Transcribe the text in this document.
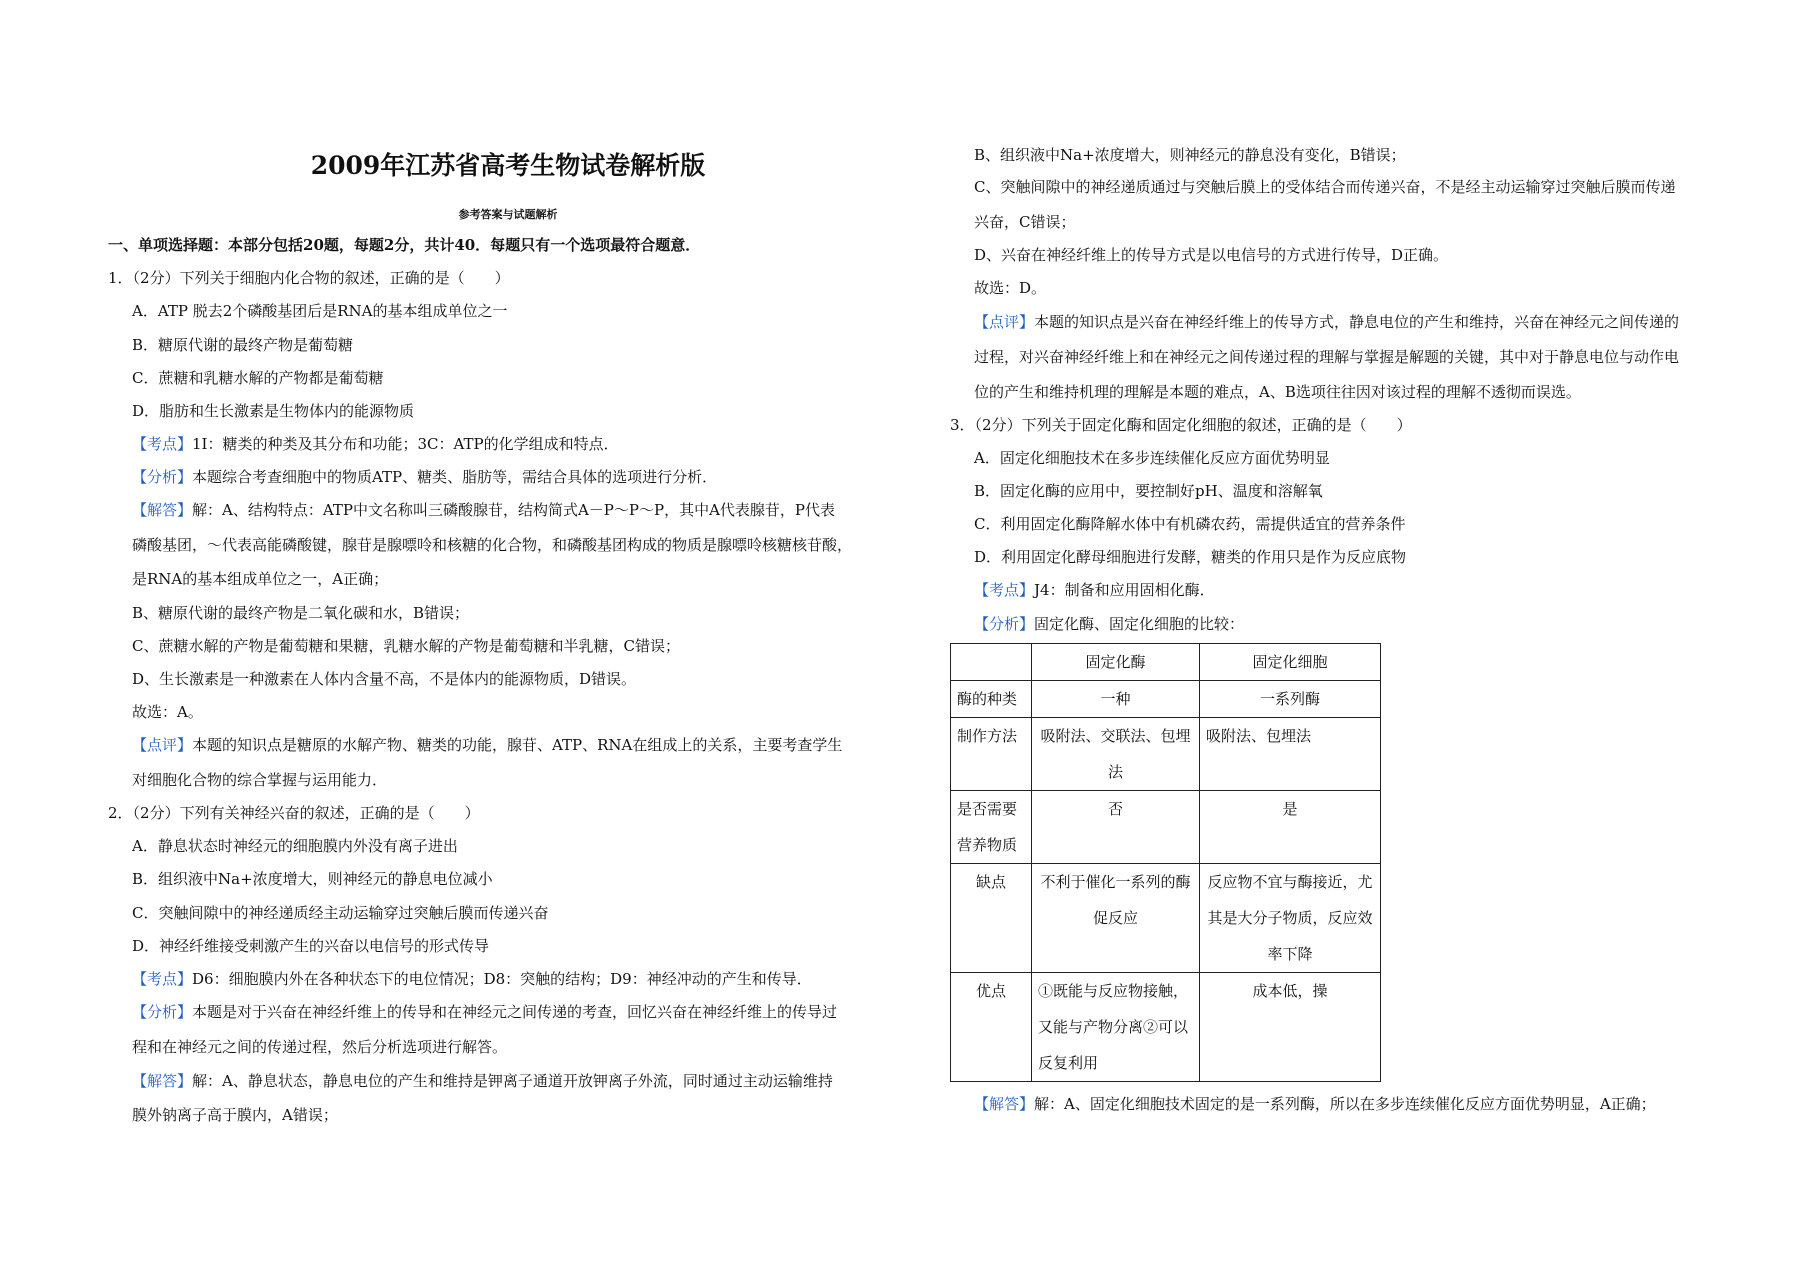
2009年江苏省高考生物试卷解析版
参考答案与试题解析
一、单项选择题：本部分包括20题，每题2分，共计40．每题只有一个选项最符合题意．
1．（2分）下列关于细胞内化合物的叙述，正确的是（　　）
A．ATP 脱去2个磷酸基团后是RNA的基本组成单位之一
B．糖原代谢的最终产物是葡萄糖
C．蔗糖和乳糖水解的产物都是葡萄糖
D．脂肪和生长激素是生物体内的能源物质
【考点】1I：糖类的种类及其分布和功能；3C：ATP的化学组成和特点．
【分析】本题综合考查细胞中的物质ATP、糖类、脂肪等，需结合具体的选项进行分析．
【解答】解：A、结构特点：ATP中文名称叫三磷酸腺苷，结构简式A－P～P～P，其中A代表腺苷，P代表
磷酸基团，～代表高能磷酸键，腺苷是腺嘌呤和核糖的化合物，和磷酸基团构成的物质是腺嘌呤核糖核苷酸，
是RNA的基本组成单位之一，A正确；
B、糖原代谢的最终产物是二氧化碳和水，B错误；
C、蔗糖水解的产物是葡萄糖和果糖，乳糖水解的产物是葡萄糖和半乳糖，C错误；
D、生长激素是一种激素在人体内含量不高，不是体内的能源物质，D错误。
故选：A。
【点评】本题的知识点是糖原的水解产物、糖类的功能，腺苷、ATP、RNA在组成上的关系，主要考查学生
对细胞化合物的综合掌握与运用能力．
2．（2分）下列有关神经兴奋的叙述，正确的是（　　）
A．静息状态时神经元的细胞膜内外没有离子进出
B．组织液中Na+浓度增大，则神经元的静息电位减小
C．突触间隙中的神经递质经主动运输穿过突触后膜而传递兴奋
D．神经纤维接受刺激产生的兴奋以电信号的形式传导
【考点】D6：细胞膜内外在各种状态下的电位情况；D8：突触的结构；D9：神经冲动的产生和传导．
【分析】本题是对于兴奋在神经纤维上的传导和在神经元之间传递的考查，回忆兴奋在神经纤维上的传导过
程和在神经元之间的传递过程，然后分析选项进行解答。
【解答】解：A、静息状态，静息电位的产生和维持是钾离子通道开放钾离子外流，同时通过主动运输维持
膜外钠离子高于膜内，A错误；
B、组织液中Na+浓度增大，则神经元的静息没有变化，B错误；
C、突触间隙中的神经递质通过与突触后膜上的受体结合而传递兴奋，不是经主动运输穿过突触后膜而传递
兴奋，C错误；
D、兴奋在神经纤维上的传导方式是以电信号的方式进行传导，D正确。
故选：D。
【点评】本题的知识点是兴奋在神经纤维上的传导方式，静息电位的产生和维持，兴奋在神经元之间传递的
过程，对兴奋神经纤维上和在神经元之间传递过程的理解与掌握是解题的关键，其中对于静息电位与动作电
位的产生和维持机理的理解是本题的难点，A、B选项往往因对该过程的理解不透彻而误选。
3．（2分）下列关于固定化酶和固定化细胞的叙述，正确的是（　　）
A．固定化细胞技术在多步连续催化反应方面优势明显
B．固定化酶的应用中，要控制好pH、温度和溶解氧
C．利用固定化酶降解水体中有机磷农药，需提供适宜的营养条件
D．利用固定化酵母细胞进行发酵，糖类的作用只是作为反应底物
【考点】J4：制备和应用固相化酶．
【分析】固定化酶、固定化细胞的比较：
【解答】解：A、固定化细胞技术固定的是一系列酶，所以在多步连续催化反应方面优势明显，A正确；
	固定化酶	固定化细胞
酶的种类	一种	一系列酶
制作方法	吸附法、交联法、包埋法	吸附法、包埋法
是否需要营养物质	否	是
缺点	不利于催化一系列的酶促反应	反应物不宜与酶接近，尤其是大分子物质，反应效率下降
优点	①既能与反应物接触，又能与产物分离②可以反复利用	成本低，操
